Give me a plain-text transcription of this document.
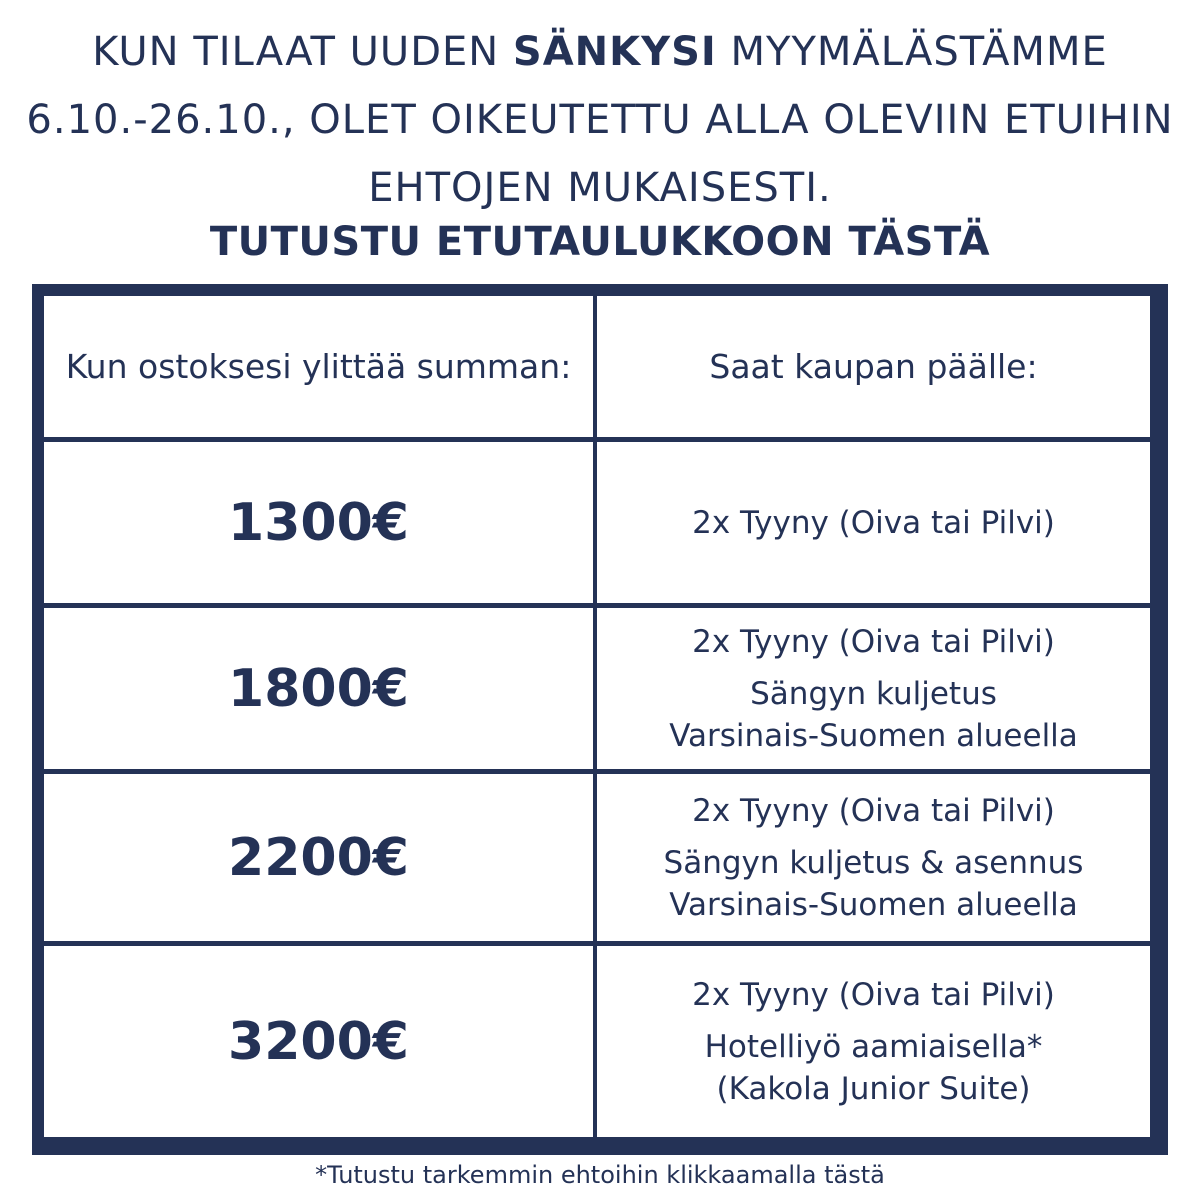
KUN TILAAT UUDEN SÄNKYSI MYYMÄLÄSTÄMME
6.10.-26.10., OLET OIKEUTETTU ALLA OLEVIIN ETUIHIN
EHTOJEN MUKAISESTI.
TUTUSTU ETUTAULUKKOON TÄSTÄ
Kun ostoksesi ylittää summan:	Saat kaupan päälle:
1300€	2x Tyyny (Oiva tai Pilvi)
1800€
2x Tyyny (Oiva tai Pilvi)
Sängyn kuljetus
Varsinais-Suomen alueella
2200€
2x Tyyny (Oiva tai Pilvi)
Sängyn kuljetus & asennus
Varsinais-Suomen alueella
3200€
2x Tyyny (Oiva tai Pilvi)
Hotelliyö aamiaisella*
(Kakola Junior Suite)
*Tutustu tarkemmin ehtoihin klikkaamalla tästä
